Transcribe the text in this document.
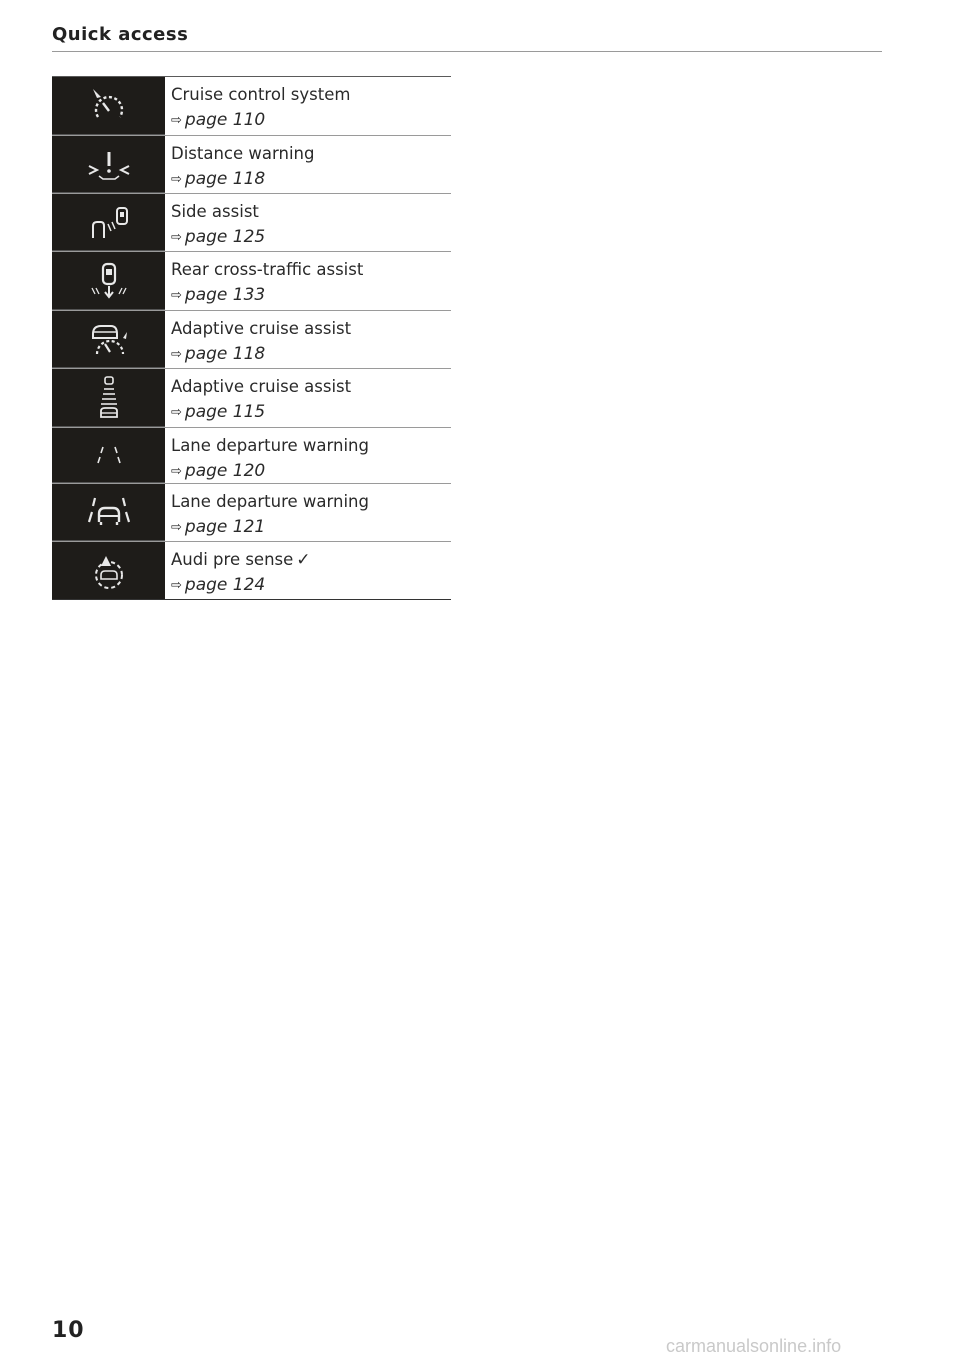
Quick access
Cruise control system
⇨ page 110
Distance warning
⇨ page 118
Side assist
⇨ page 125
Rear cross-traffic assist
⇨ page 133
Adaptive cruise assist
⇨ page 118
Adaptive cruise assist
⇨ page 115
Lane departure warning
⇨ page 120
Lane departure warning
⇨ page 121
Audi pre sense ✓
⇨ page 124
10
carmanualsonline.info
